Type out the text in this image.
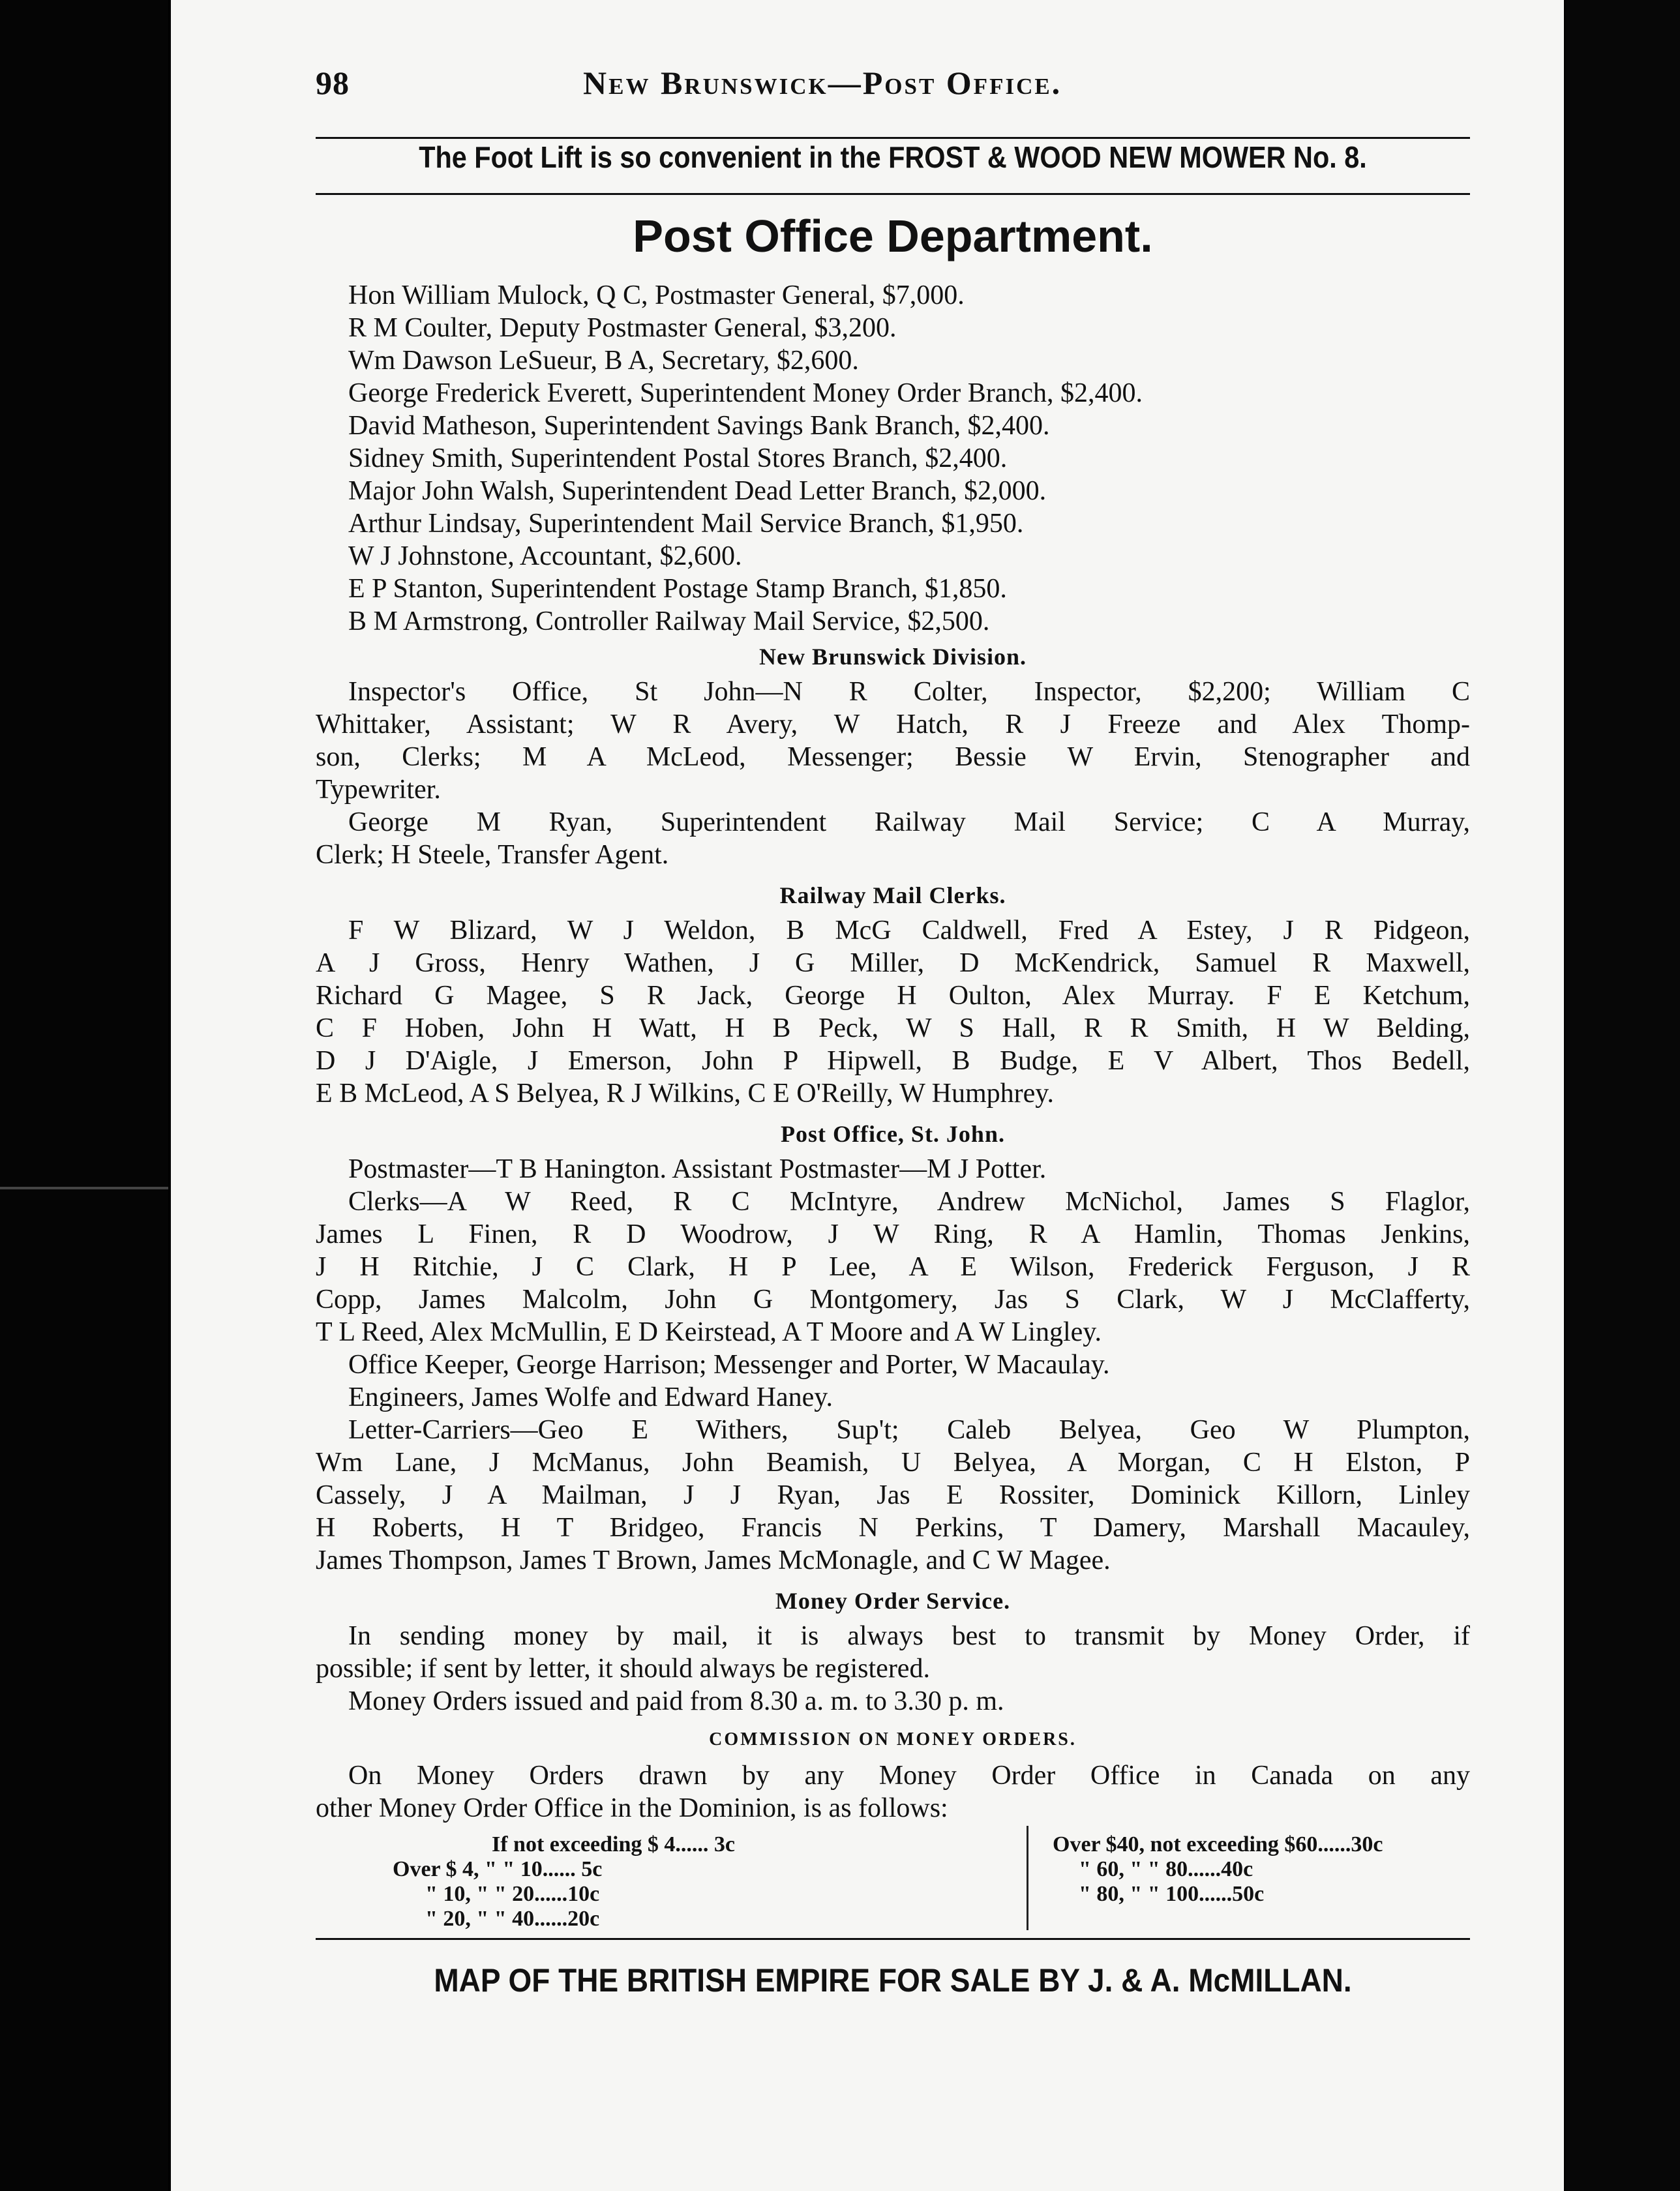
98	New Brunswick—Post Office.
The Foot Lift is so convenient in the FROST & WOOD NEW MOWER No. 8.
Post Office Department.
Hon William Mulock, Q C, Postmaster General, $7,000.
R M Coulter, Deputy Postmaster General, $3,200.
Wm Dawson LeSueur, B A, Secretary, $2,600.
George Frederick Everett, Superintendent Money Order Branch, $2,400.
David Matheson, Superintendent Savings Bank Branch, $2,400.
Sidney Smith, Superintendent Postal Stores Branch, $2,400.
Major John Walsh, Superintendent Dead Letter Branch, $2,000.
Arthur Lindsay, Superintendent Mail Service Branch, $1,950.
W J Johnstone, Accountant, $2,600.
E P Stanton, Superintendent Postage Stamp Branch, $1,850.
B M Armstrong, Controller Railway Mail Service, $2,500.
New Brunswick Division.
Inspector's Office, St John—N R Colter, Inspector, $2,200; William C
Whittaker, Assistant; W R Avery, W Hatch, R J Freeze and Alex Thomp-
son, Clerks; M A McLeod, Messenger; Bessie W Ervin, Stenographer and
Typewriter.
George M Ryan, Superintendent Railway Mail Service; C A Murray,
Clerk; H Steele, Transfer Agent.
Railway Mail Clerks.
F W Blizard, W J Weldon, B McG Caldwell, Fred A Estey, J R Pidgeon,
A J Gross, Henry Wathen, J G Miller, D McKendrick, Samuel R Maxwell,
Richard G Magee, S R Jack, George H Oulton, Alex Murray. F E Ketchum,
C F Hoben, John H Watt, H B Peck, W S Hall, R R Smith, H W Belding,
D J D'Aigle, J Emerson, John P Hipwell, B Budge, E V Albert, Thos Bedell,
E B McLeod, A S Belyea, R J Wilkins, C E O'Reilly, W Humphrey.
Post Office, St. John.
Postmaster—T B Hanington. Assistant Postmaster—M J Potter.
Clerks—A W Reed, R C McIntyre, Andrew McNichol, James S Flaglor,
James L Finen, R D Woodrow, J W Ring, R A Hamlin, Thomas Jenkins,
J H Ritchie, J C Clark, H P Lee, A E Wilson, Frederick Ferguson, J R
Copp, James Malcolm, John G Montgomery, Jas S Clark, W J McClafferty,
T L Reed, Alex McMullin, E D Keirstead, A T Moore and A W Lingley.
Office Keeper, George Harrison; Messenger and Porter, W Macaulay.
Engineers, James Wolfe and Edward Haney.
Letter-Carriers—Geo E Withers, Sup't; Caleb Belyea, Geo W Plumpton,
Wm Lane, J McManus, John Beamish, U Belyea, A Morgan, C H Elston, P
Cassely, J A Mailman, J J Ryan, Jas E Rossiter, Dominick Killorn, Linley
H Roberts, H T Bridgeo, Francis N Perkins, T Damery, Marshall Macauley,
James Thompson, James T Brown, James McMonagle, and C W Magee.
Money Order Service.
In sending money by mail, it is always best to transmit by Money Order, if
possible; if sent by letter, it should always be registered.
Money Orders issued and paid from 8.30 a. m. to 3.30 p. m.
COMMISSION ON MONEY ORDERS.
On Money Orders drawn by any Money Order Office in Canada on any
other Money Order Office in the Dominion, is as follows:
If not exceeding $ 4...... 3c
Over $ 4, " " 10...... 5c
" 10, " " 20......10c
" 20, " " 40......20c
Over $40, not exceeding $60......30c
" 60, " " 80......40c
" 80, " " 100......50c
MAP OF THE BRITISH EMPIRE FOR SALE BY J. & A. McMILLAN.
